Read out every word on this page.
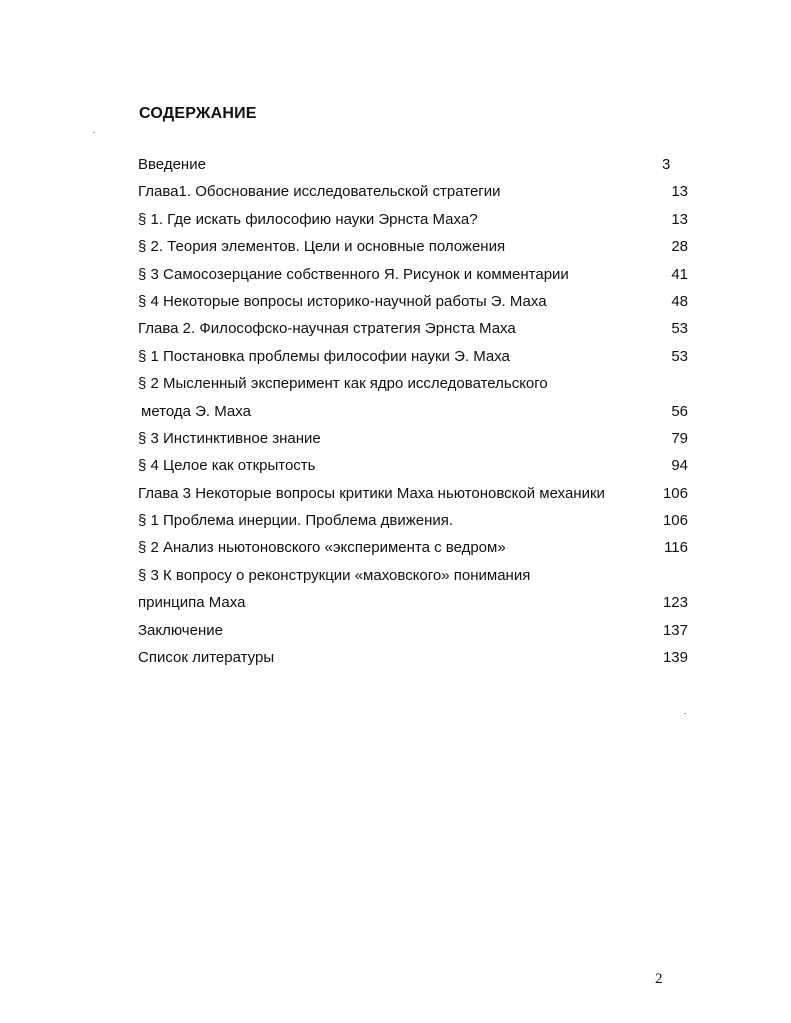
СОДЕРЖАНИЕ
Введение	3
Глава1. Обоснование исследовательской стратегии	13
§ 1. Где искать философию науки Эрнста Маха?	13
§ 2. Теория элементов. Цели и основные положения	28
§ 3 Самосозерцание собственного Я. Рисунок и комментарии	41
§ 4 Некоторые вопросы историко-научной работы Э. Маха	48
Глава 2. Философско-научная стратегия Эрнста Маха	53
§ 1 Постановка проблемы философии науки Э. Маха	53
§ 2 Мысленный эксперимент как ядро исследовательского
метода Э. Маха	56
§ 3 Инстинктивное знание	79
§ 4 Целое как открытость	94
Глава 3 Некоторые вопросы критики Маха ньютоновской механики	106
§ 1 Проблема инерции. Проблема движения.	106
§ 2 Анализ ньютоновского «эксперимента с ведром»	116
§ 3 К вопросу о реконструкции «маховского» понимания
принципа Маха	123
Заключение	137
Список литературы	139
2
